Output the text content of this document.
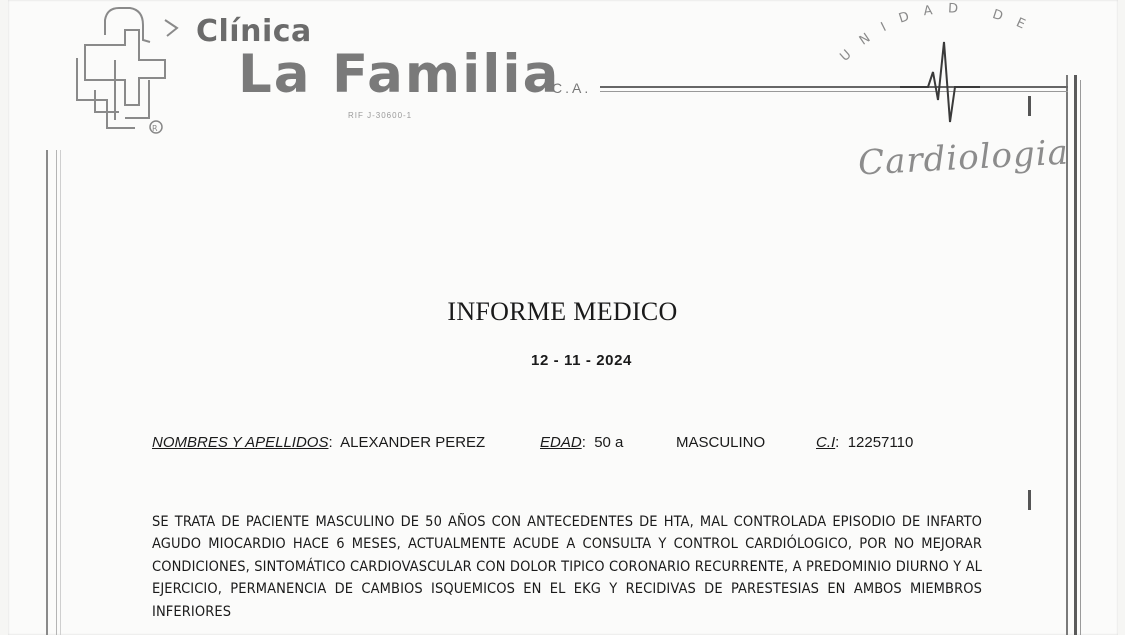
R
Clínica
La Familia
C.A.
RIF J-30600-1
UNIDAD DE
Cardiologia
INFORME MEDICO
12 - 11 - 2024
NOMBRES Y APELLIDOS:  ALEXANDER PEREZ	EDAD:  50 a	MASCULINO	C.I:  12257110
SE TRATA DE PACIENTE MASCULINO DE 50 AÑOS CON ANTECEDENTES DE HTA, MAL CONTROLADA EPISODIO DE INFARTO AGUDO MIOCARDIO HACE 6 MESES, ACTUALMENTE ACUDE A CONSULTA Y CONTROL CARDIÓLOGICO, POR NO MEJORAR CONDICIONES, SINTOMÁTICO CARDIOVASCULAR CON DOLOR TIPICO CORONARIO RECURRENTE, A PREDOMINIO DIURNO Y AL EJERCICIO, PERMANENCIA DE CAMBIOS ISQUEMICOS EN EL EKG Y RECIDIVAS DE PARESTESIAS EN AMBOS MIEMBROS INFERIORES
